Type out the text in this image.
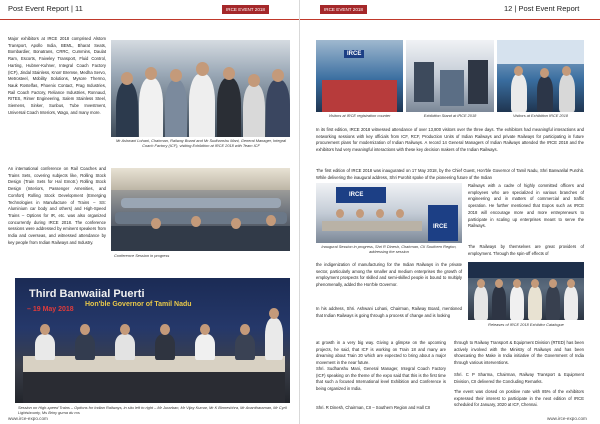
Post Event Report | 11	IRCE EVENT 2018
Major exhibitors at IRCE 2018 comprised Alstom Transport, Apollo India, BEML, Bharat Seats, Bombardier, Bonatrans, CRRC, Cummins, Daulat Ram, Escorts, Faiveley Transport, Fluid Control, Harting, Hubner-Kuhner, Integral Coach Factory (ICF), Jindal Stainless, Knorr Bremse, Medha Servo, Metrosteel, Mobility Solutions, Mysore Thermo, Nauk Rostelfas, Phoenix Contact, Prag Industries, Rail Coach Factory, Reliance Industries, Ronnaud, RITES, Rimer Engineering, Salem Stainless Steel, Siemens, Sinker, Sunbus, Tube Investment, Universal Coach Interiors, Wago, and many more.
Mr Ashwani Lohani, Chairman, Railway Board and Mr Sudhanshu Mani, General Manager, Integral Coach Factory (ICF), visiting Exhibition at IRCE 2018 with Team ICF
An international conference on Rail Coaches and Trains Sets, covering subjects like, Rolling Stock Design (Train Sets for Hal Emotr.) Rolling Stock Design (Interiors, Passenger Amenities, and Comfort) Rolling Stock Development (Emerging Technologies in Manufacture of Trains – SS: Aluminium car body and others) and High-Speed Trains – Options for IR, etc. was also organized concurrently during IRCE 2018. The conference sessions were addressed by eminent speakers from India and overseas, and witnessed attendance by key people from Indian Railways and Industry.
Conference Session in progress
Third Banwaiial Puerti
Hon'ble Governor of Tamil Nadu
– 19 May 2018
Session on High-speed Trains – Options for Indian Railways, in situ left to right – Mr Jurarban, Mr Vijay Kumar, Mr K Binneshhra, Mr Anantharaman, Mr Cyril Lightsbounty, Ms Briny guma du ros
www.irce-expo.com
IRCE EVENT 2018	12 | Post Event Report
IRCE
Visitors at IRCE registration counter	Exhibition Stand at IRCE 2018	Visitors at Exhibition IRCE 2018
In its first edition, IRCE 2018 witnessed attendance of over 13,800 visitors over the three days. The exhibitors had meaningful interactions and networking sessions with key officials from ICF, RCF, Production Units of Indian Railways and private Railways for participating in future procurement plans for modernization of Indian Railways. A record 14 General Managers of Indian Railways attended the IRCE 2018 and the exhibitors had very meaningful interactions with these key decision makers of the Indian Railways.
The first edition of IRCE 2018 was inaugurated on 17 May 2018, by the Chief Guest, Hon'ble Governor of Tamil Nadu, Shri Banwarilal Purohit. While delivering the inaugural address, Shri Purohit spoke of the pioneering future of the Indian
IRCE
IRCE
Inaugural Session in progress, Shri R Dinesh, Chairman, CII Southern Region, addressing the session
Railways with a cadre of highly committed officers and employees who are specialized in various branches of engineering and in matters of commercial and traffic operation. He further mentioned that Expos such as IRCE 2018 will encourage more and more entrepreneurs to participate in scaling up enterprises meant to serve the Railways.
The Railways by themselves are great providers of employment. Through the spin-off effects of
the indigenization of manufacturing for the Indian Railways in the private sector, particularly among the smaller and medium enterprises the growth of employment prospects for skilled and semi-skilled people is bound to multiply phenomenally, added the Hon'ble Governor.
In his address, Shri. Ashwani Lohani, Chairman, Railway Board, mentioned that Indian Railways is going through a process of change and is looking
Releases of IRCE 2018 Exhibitor Catalogue
at growth in a very big way. Giving a glimpse on the upcoming projects, he said, that ICF is working on Train 18 and many are dreaming about Train 20 which are expected to bring about a major movement in the near future.
Shri. Sudhanshu Mani, General Manager, Integral Coach Factory (ICF) speaking on the theme of the expo said that this is the first time that such a focused International level Exhibition and Conference is being organized in India.
Shri. R Dinesh, Chairman, CII – Southern Region and Hall CII
through to Railway Transport & Equipment Division (RTED) has been actively involved with the Ministry of Railways and has been showcasing the Make in India initiative of the Government of India through various interventions.
Shri. C P Sharma, Chairman, Railway Transport & Equipment Division, CII delivered the Concluding Remarks.
The event was closed on positive note with 85% of the exhibitors expressed their interest to participate in the next edition of IRCE scheduled for January, 2020 at ICF, Chennai.
www.irce-expo.com
